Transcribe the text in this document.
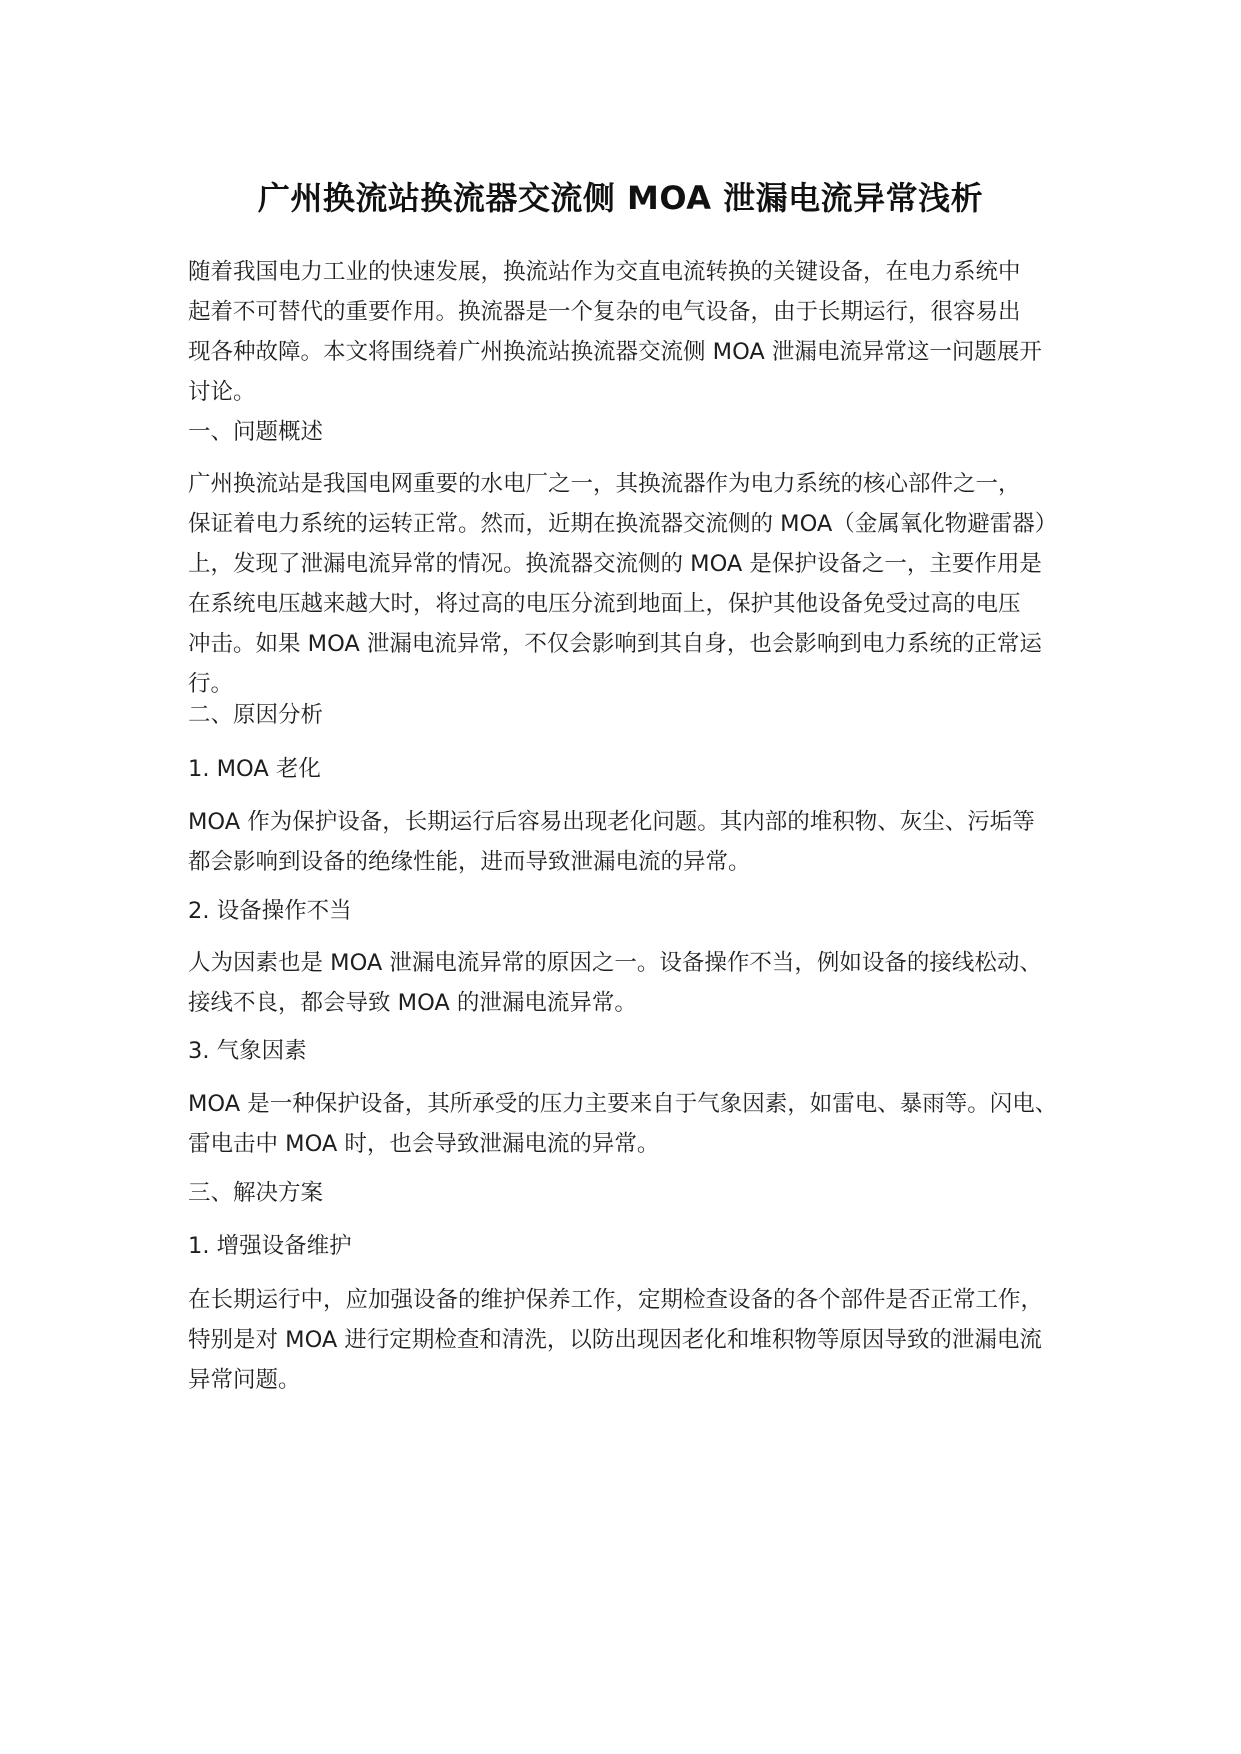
广州换流站换流器交流侧 MOA 泄漏电流异常浅析
随着我国电力工业的快速发展，换流站作为交直电流转换的关键设备，在电力系统中
起着不可替代的重要作用。换流器是一个复杂的电气设备，由于长期运行，很容易出
现各种故障。本文将围绕着广州换流站换流器交流侧 MOA 泄漏电流异常这一问题展开
讨论。
一、问题概述
广州换流站是我国电网重要的水电厂之一，其换流器作为电力系统的核心部件之一，
保证着电力系统的运转正常。然而，近期在换流器交流侧的 MOA（金属氧化物避雷器）
上，发现了泄漏电流异常的情况。换流器交流侧的 MOA 是保护设备之一，主要作用是
在系统电压越来越大时，将过高的电压分流到地面上，保护其他设备免受过高的电压
冲击。如果 MOA 泄漏电流异常，不仅会影响到其自身，也会影响到电力系统的正常运
行。
二、原因分析
1. MOA 老化
MOA 作为保护设备，长期运行后容易出现老化问题。其内部的堆积物、灰尘、污垢等
都会影响到设备的绝缘性能，进而导致泄漏电流的异常。
2. 设备操作不当
人为因素也是 MOA 泄漏电流异常的原因之一。设备操作不当，例如设备的接线松动、
接线不良，都会导致 MOA 的泄漏电流异常。
3. 气象因素
MOA 是一种保护设备，其所承受的压力主要来自于气象因素，如雷电、暴雨等。闪电、
雷电击中 MOA 时，也会导致泄漏电流的异常。
三、解决方案
1. 增强设备维护
在长期运行中，应加强设备的维护保养工作，定期检查设备的各个部件是否正常工作，
特别是对 MOA 进行定期检查和清洗，以防出现因老化和堆积物等原因导致的泄漏电流
异常问题。
